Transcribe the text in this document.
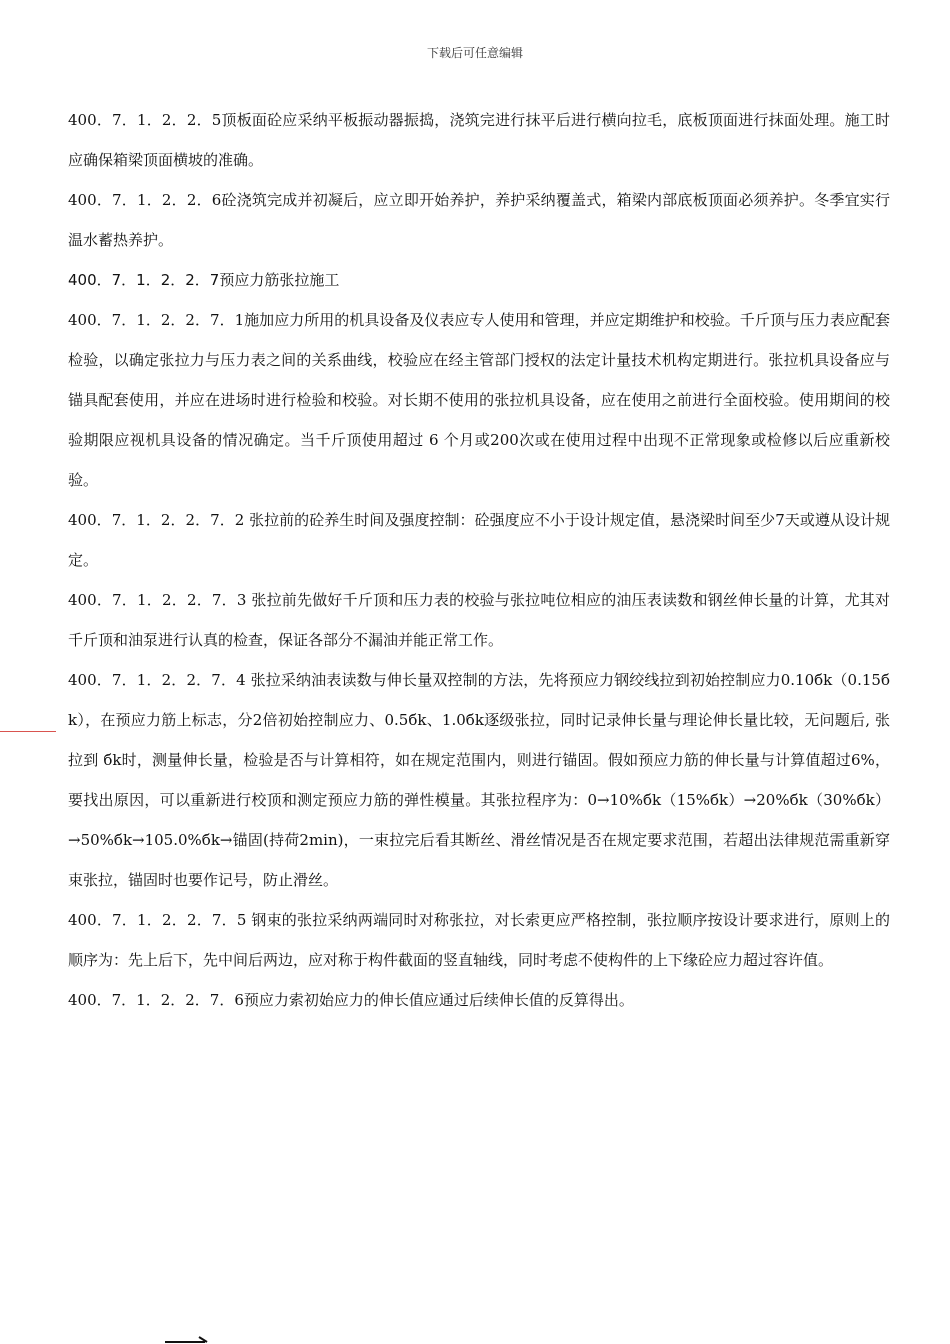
下载后可任意编辑

400．7．1．2．2．5顶板面砼应采纳平板振动器振捣，浇筑完进行抹平后进行横向拉毛，底板顶面进行抹面处理。施工时应确保箱梁顶面横坡的准确。

400．7．1．2．2．6砼浇筑完成并初凝后，应立即开始养护，养护采纳覆盖式，箱梁内部底板顶面必须养护。冬季宜实行温水蓄热养护。

400．7．1．2．2．7预应力筋张拉施工

400．7．1．2．2．7．1施加应力所用的机具设备及仪表应专人使用和管理，并应定期维护和校验。千斤顶与压力表应配套检验，以确定张拉力与压力表之间的关系曲线，校验应在经主管部门授权的法定计量技术机构定期进行。张拉机具设备应与锚具配套使用，并应在进场时进行检验和校验。对长期不使用的张拉机具设备，应在使用之前进行全面校验。使用期间的校验期限应视机具设备的情况确定。当千斤顶使用超过 6 个月或200次或在使用过程中出现不正常现象或检修以后应重新校验。

400．7．1．2．2．7．2 张拉前的砼养生时间及强度控制：砼强度应不小于设计规定值，悬浇梁时间至少7天或遵从设计规定。

400．7．1．2．2．7．3 张拉前先做好千斤顶和压力表的校验与张拉吨位相应的油压表读数和钢丝伸长量的计算，尤其对千斤顶和油泵进行认真的检查，保证各部分不漏油并能正常工作。

400．7．1．2．2．7．4 张拉采纳油表读数与伸长量双控制的方法，先将预应力钢绞线拉到初始控制应力0.10бk（0.15бk），在预应力筋上标志，分2倍初始控制应力、0.5бk、1.0бk逐级张拉，同时记录伸长量与理论伸长量比较，无问题后, 张拉到 бk时，测量伸长量，检验是否与计算相符，如在规定范围内，则进行锚固。假如预应力筋的伸长量与计算值超过6%，要找出原因，可以重新进行校顶和测定预应力筋的弹性模量。其张拉程序为：0→10%бk（15%бk）→20%бk（30%бk）→50%бk→105.0%бk→锚固(持荷2min)，一束拉完后看其断丝、滑丝情况是否在规定要求范围，若超出法律规范需重新穿束张拉，锚固时也要作记号，防止滑丝。

400．7．1．2．2．7．5 钢束的张拉采纳两端同时对称张拉，对长索更应严格控制，张拉顺序按设计要求进行，原则上的顺序为：先上后下，先中间后两边，应对称于构件截面的竖直轴线，同时考虑不使构件的上下缘砼应力超过容许值。

400．7．1．2．2．7．6预应力索初始应力的伸长值应通过后续伸长值的反算得出。
